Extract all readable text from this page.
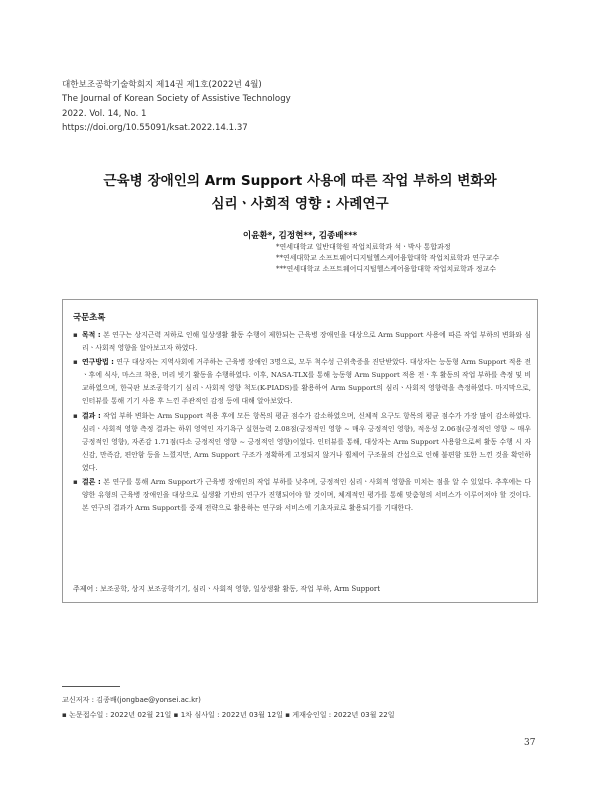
대한보조공학기술학회지 제14권 제1호(2022년 4월)
The Journal of Korean Society of Assistive Technology
2022. Vol. 14, No. 1
https://doi.org/10.55091/ksat.2022.14.1.37
근육병 장애인의 Arm Support 사용에 따른 작업 부하의 변화와
심리ㆍ사회적 영향 : 사례연구
이윤환*, 김정현**, 김종배***
*연세대학교 일반대학원 작업치료학과 석ㆍ박사 통합과정
**연세대학교 소프트웨어디지털헬스케어융합대학 작업치료학과 연구교수
***연세대학교 소프트웨어디지털헬스케어융합대학 작업치료학과 정교수
국문초록
▪ 목적 : 본 연구는 상지근력 저하로 인해 일상생활 활동 수행이 제한되는 근육병 장애인을 대상으로 Arm Support 사용에 따른 작업 부하의 변화와 심리ㆍ사회적 영향을 알아보고자 하였다.
▪ 연구방법 : 연구 대상자는 지역사회에 거주하는 근육병 장애인 3명으로, 모두 척수성 근위축증을 진단받았다. 대상자는 능동형 Arm Support 적용 전ㆍ후에 식사, 마스크 착용, 머리 빗기 활동을 수행하였다. 이후, NASA-TLX를 통해 능동형 Arm Support 적용 전ㆍ후 활동의 작업 부하를 측정 및 비교하였으며, 한국판 보조공학기기 심리ㆍ사회적 영향 척도(K-PIADS)를 활용하여 Arm Support의 심리ㆍ사회적 영향력을 측정하였다. 마지막으로, 인터뷰를 통해 기기 사용 후 느낀 주관적인 감정 등에 대해 알아보았다.
▪ 결과 : 작업 부하 변화는 Arm Support 적용 후에 모든 항목의 평균 점수가 감소하였으며, 신체적 요구도 항목의 평균 점수가 가장 많이 감소하였다. 심리ㆍ사회적 영향 측정 결과는 하위 영역인 자기욕구 실현능력 2.08점(긍정적인 영향 ~ 매우 긍정적인 영향), 적응성 2.06점(긍정적인 영향 ~ 매우 긍정적인 영향), 자존감 1.71점(다소 긍정적인 영향 ~ 긍정적인 영향)이었다. 인터뷰를 통해, 대상자는 Arm Support 사용함으로써 활동 수행 시 자신감, 만족감, 편안함 등을 느꼈지만, Arm Support 구조가 정확하게 고정되지 않거나 휠체어 구조물의 간섭으로 인해 불편함 또한 느낀 것을 확인하였다.
▪ 결론 : 본 연구를 통해 Arm Support가 근육병 장애인의 작업 부하를 낮추며, 긍정적인 심리ㆍ사회적 영향을 미치는 점을 알 수 있었다. 추후에는 다양한 유형의 근육병 장애인을 대상으로 실생활 기반의 연구가 진행되어야 할 것이며, 체계적인 평가를 통해 맞춤형의 서비스가 이루어져야 할 것이다. 본 연구의 결과가 Arm Support를 중재 전략으로 활용하는 연구와 서비스에 기초자료로 활용되기를 기대한다.
주제어 : 보조공학, 상지 보조공학기기, 심리ㆍ사회적 영향, 일상생활 활동, 작업 부하, Arm Support
교신저자 : 김종배(jongbae@yonsei.ac.kr)
▪ 논문접수일 : 2022년 02월 21일 ▪ 1차 심사일 : 2022년 03월 12일 ▪ 게재승인일 : 2022년 03월 22일
37
